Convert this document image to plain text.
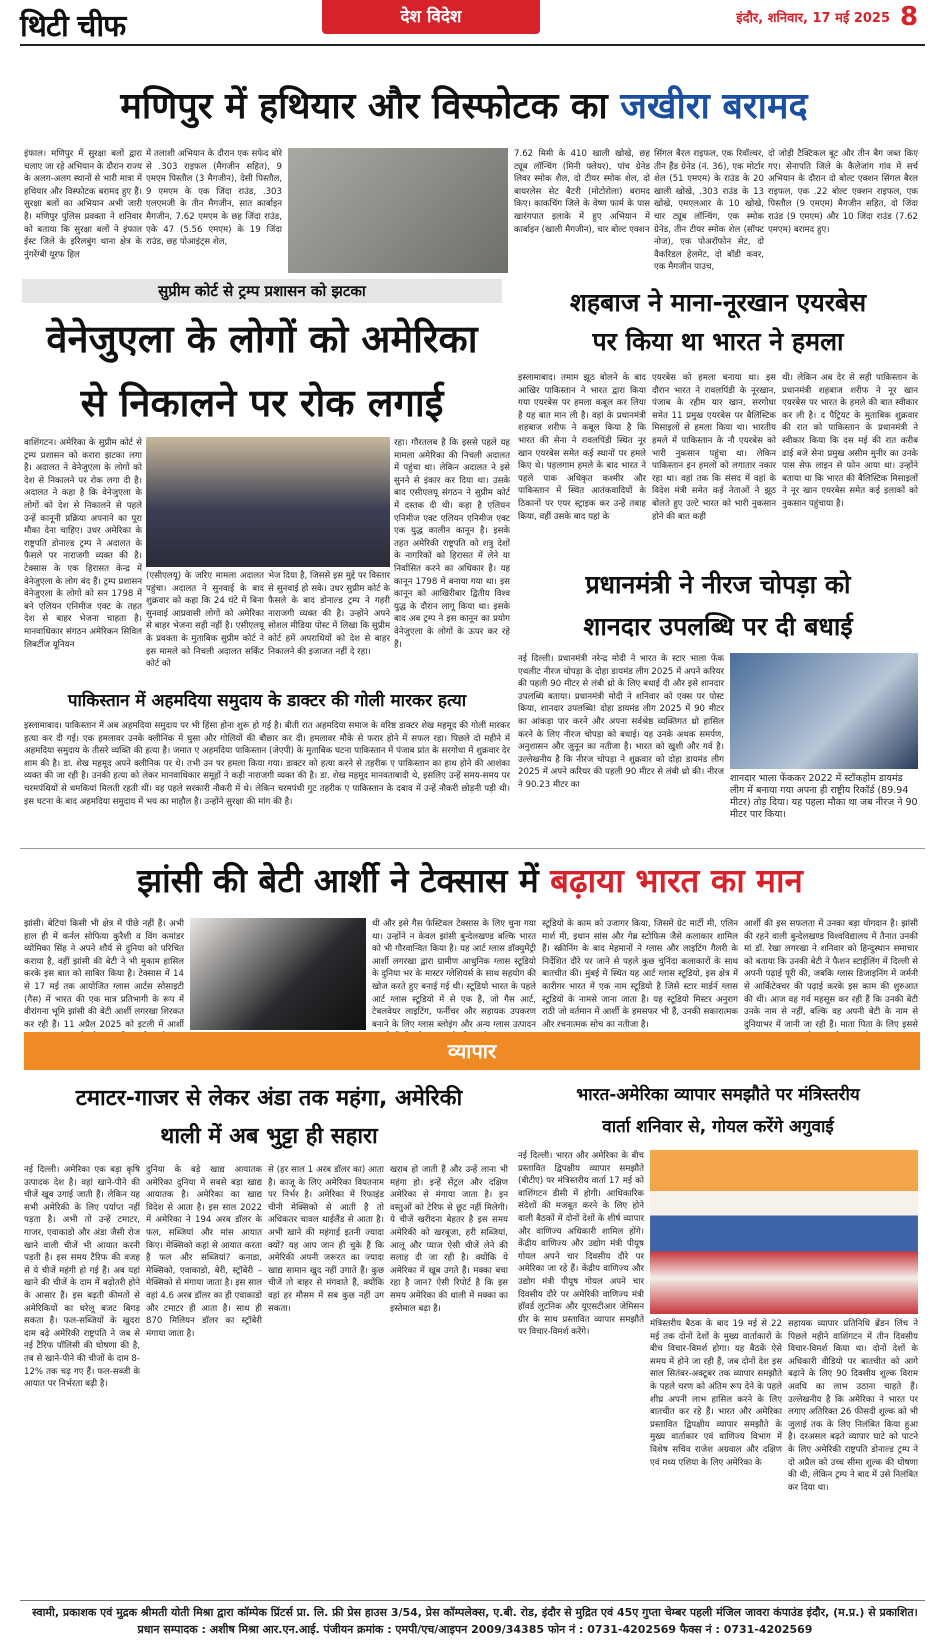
थिटी चीफ	देश विदेश	इंदौर, शनिवार, 17 मई 2025 8
मणिपुर में हथियार और विस्फोटक का जखीरा बरामद
इंफाल। मणिपुर में सुरक्षा बलों द्वारा चलाए जा रहे अभियान के दौरान राज्य के अलग-अलग स्थानों से भारी मात्रा में हथियार और विस्फोटक बरामद हुए हैं। सुरक्षा बलों का अभियान अभी जारी है। मणिपुर पुलिस प्रवक्ता ने शनिवार को बताया कि सुरक्षा बलों ने इंफाल ईस्ट जिले के इरिलबुंग थाना क्षेत्र के नुंगरेंग्बी यूरफ हिल
में तलाशी अभियान के दौरान एक सफेद बोरे से .303 राइफल (मैगजीन सहित), 9 एमएम पिस्तौल (3 मैगजीन), देसी पिस्तौल, 9 एमएम के एक जिंदा राउंड, .303 एलएमजी के तीन मैगजीन, सात कार्बाइन मैगजीन, 7.62 एमएम के छह जिंदा राउंड, एके 47 (5.56 एमएम) के 19 जिंदा राउंड, छह पोआइंट्स शेल,
7.62 मिमी के 410 खाली खोखे, छह ट्यूब लॉन्चिंग (मिनी फ्लेयर), पांच ग्रेनेड लिवर स्मोक शैल, दो टीयर स्मोक शेल, दो बायरलेस सेट बैटरी (मोटोरोला) बरामद किए। काकचिंग जिले के वेष्ण फार्म के पास खारंगपात इलाके में हुए अभियान में कार्बाइन (खाली मैगजीन), चार बोल्ट एक्शन
सिंगल बैरल राइफल, एक रिवॉल्वर, तीन हैंड ग्रेनेड (नं. 36), एक मोर्टार शेल (51 एमएम) के राउंड के 20 खाली खोखे, .303 राउंड के 13 खोखे, एमएलआर के 10 खोखे, चार ट्यूब लॉन्चिंग, एक स्मोक ग्रेनेड, तीन टीयर स्मोक शेल (सॉफ्ट नोज), एक पोअरॉफोन सेट, दो वैकरिडल हेलमेट, दो बॉडी कवर, एक मैगजीन पाउच,
दो जोड़ी टैक्टिकल बूट और तीन बैग जब्त किए गए। सेनापति जिले के कैलेजांग गांव में सर्च अभियान के दौरान दो बोल्ट एक्शन सिंगल बैरल राइफल, एक .22 बोल्ट एक्शन राइफल, एक पिस्तौल (9 एमएम) मैगजीन सहित, दो जिंदा राउंड (9 एमएम) और 10 जिंदा राउंड (7.62 एमएम) बरामद हुए।
सुप्रीम कोर्ट से ट्रम्प प्रशासन को झटका
वेनेजुएला के लोगों को अमेरिका
से निकालने पर रोक लगाई
वाशिंगटन। अमेरिका के सुप्रीम कोर्ट से ट्रम्प प्रशासन को करारा झटका लगा है। अदालत ने वेनेजुएला के लोगों को देश से निकालने पर रोक लगा दी है। अदालत ने कहा है कि वेनेजुएला के लोगों को देश से निकालने से पहले उन्हें कानूनी प्रक्रिया अपनाने का पूरा मौका देना चाहिए। उधर अमेरिका के राष्ट्रपति डोनाल्ड ट्रम्प ने अदालत के फैसले पर नाराजगी व्यक्त की है। टेक्सास के एक हिरासत केन्द्र में वेनेजुएला के लोग बंद हैं। ट्रम्प प्रशासन वेनेजुएला के लोगों को सन 1798 में बने एलियन एनिमीज एक्ट के तहत देश से बाहर भेजना चाहता है। मानवाधिकार संगठन अमेरिकन सिविल लिबर्टीज यूनियन
(एसीएलयू) के जरिए मामला अदालत पहुंचा। अदालत ने सुनवाई के बाद शुक्रवार को कहा कि 24 घंटे में बिना सुनवाई आप्रवासी लोगों को अमेरिका से बाहर भेजना सही नहीं है। एसीएलयू के प्रवक्ता के मुताबिक सुप्रीम कोर्ट ने इस मामले को निचली अदालत सर्किट कोर्ट को
भेज दिया है, जिससे इस मुद्दे पर विस्तार से सुनवाई हो सके। उधर सुप्रीम कोर्ट के फैसले के बाद डोनाल्ड ट्रम्प ने गहरी नाराजगी व्यक्त की है। उन्होंने अपने सोशल मीडिया पोस्ट में लिखा कि सुप्रीम कोर्ट हमें अपराधियों को देश से बाहर निकालने की इजाजत नहीं दे रहा।
रहा। गौरतलब है कि इससे पहले यह मामला अमेरिका की निचली अदालत में पहुंचा था। लेकिन अदालत ने इसे सुनने से इंकार कर दिया था। उसके बाद एसीएलयू संगठन ने सुप्रीम कोर्ट में दस्तक दी थी। कहा है एलियन एनिमीज एक्ट एलियन एनिमीज एक्ट एक युद्ध कालीन कानून है। इसके तहत अमेरिकी राष्ट्रपति को शत्रु देशों के नागरिकों को हिरासत में लेने या निर्वासित करने का अधिकार है। यह कानून 1798 में बनाया गया था। इस कानून को आखिरीबार द्वितीय विश्व युद्ध के दौरान लागू किया था। इसके बाद अब ट्रम्प ने इस कानून का प्रयोग वेनेजुएला के लोगों के ऊपर कर रहे हैं।
शहबाज ने माना-नूरखान एयरबेस
पर किया था भारत ने हमला
इस्लामाबाद। तमाम झूठ बोलने के बाद आखिर पाकिस्तान ने भारत द्वारा किया गया एयरबेस पर हमला कबूल कर लिया है यह बात मान ली है। वहां के प्रधानमंत्री शहबाज शरीफ ने कबूल किया है कि भारत की सेना ने रावलपिंडी स्थित नूर खान एयरबेस समेत कई स्थानों पर हमले किए थे। पहलगाम हमले के बाद भारत ने पहले पाक अधिकृत कश्मीर और पाकिस्तान में स्थित आतंकवादियों के ठिकानों पर एयर स्ट्राइक कर उन्हें तबाह किया, वहीं उसके बाद यहां के
एयरबेस को हमला बनाया था। इस दौरान भारत ने रावलपिंडी के नूरखान, पंजाब के रहीम यार खान, सरगोधा समेत 11 प्रमुख एयरबेस पर बैलिस्टिक मिसाइलों से हमला किया था। भारतीय हमले में पाकिस्तान के नौ एयरबेस को भारी नुकसान पहुंचा था। लेकिन पाकिस्तान इन हमलों को लगातार नकार रहा था। वहां तक कि संसद में वहां के विदेश मंत्री समेत कई नेताओं ने झूठ बोलते हुए उल्टे भारत को भारी नुकसान होने की बात कही
थी। लेकिन अब देर से सही पाकिस्तान के प्रधानमंत्री शहबाज शरीफ ने नूर खान एयरबेस पर भारत के हमले की बात स्वीकार कर ली है। द पैट्रियट के मुताबिक शुक्रवार की रात को पाकिस्तान के प्रधानमंत्री ने स्वीकार किया कि दस मई की रात करीब ढाई बजे सेना प्रमुख असीम मुनीर का उनके पास सेफ लाइन से फोन आया था। उन्होंने बताया था कि भारत की बैलिस्टिक मिसाइलों ने नूर खान एयरबेस समेत कई इलाकों को नुकसान पहुंचाया है।
प्रधानमंत्री ने नीरज चोपड़ा को
शानदार उपलब्धि पर दी बधाई
नई दिल्ली। प्रधानमंत्री नरेन्द्र मोदी ने भारत के स्टार भाला फेंक एथलीट नीरज चोपड़ा के दोहा डायमंड लीग 2025 में अपने करियर की पहली 90 मीटर से लंबी थ्रो के लिए बधाई दी और इसे शानदार उपलब्धि बताया। प्रधानमंत्री मोदी ने शनिवार को एक्स पर पोस्ट किया, शानदार उपलब्धि! दोहा डायमंड लीग 2025 में 90 मीटर का आंकड़ा पार करने और अपना सर्वश्रेष्ठ व्यक्तिगत थ्रो हासिल करने के लिए नीरज चोपड़ा को बधाई। यह उनके अथक समर्पण, अनुशासन और जुनून का नतीजा है। भारत को खुशी और गर्व है। उल्लेखनीय है कि नीरज चोपड़ा ने शुक्रवार को दोहा डायमंड लीग 2025 में अपने करियर की पहली 90 मीटर से लंबी थ्रो की। नीरज ने 90.23 मीटर का
शानदार भाला फेंककर 2022 में स्टॉकहोम डायमंड लीग में बनाया गया अपना ही राष्ट्रीय रिकॉर्ड (89.94 मीटर) तोड़ दिया। यह पहला मौका था जब नीरज ने 90 मीटर पार किया।
पाकिस्तान में अहमदिया समुदाय के डाक्टर की गोली मारकर हत्या
इस्लामाबाद। पाकिस्तान में अब अहमदिया समुदाय पर भी हिंसा होना शुरू हो गई है। बीती रात अहमदिया समाज के वरिष्ठ डाक्टर शेख महमूद की गोली मारकर हत्या कर दी गई। एक हमलावर उनके क्लीनिक में घुसा और गोलियों की बौछार कर दी। हमलावर मौके से फरार होने में सफल रहा। पिछले दो महीने में अहमदिया समुदाय के तीसरे व्यक्ति की हत्या है। जमात ए अहमदिया पाकिस्तान (जेएपी) के मुताबिक घटना पाकिस्तान में पंजाब प्रांत के सरगोधा में शुक्रवार देर शाम की है। डा. शेख महमूद अपने क्लीनिक पर थे। तभी उन पर हमला किया गया। डाक्टर को हत्या करने से तहरीक ए पाकिस्तान का हाथ होने की आशंका व्यक्त की जा रही है। उनकी हत्या को लेकर मानवाधिकार समूहों ने कड़ी नाराजगी व्यक्त की है। डा. शेख महमूद मानवताबादी थे, इसलिए उन्हें समय-समय पर चरमपंथियों से धमकियां मिलती रहती थीं। वह पहले सरकारी नौकरी में थे। लेकिन चरमपंथी गुट तहरीक ए पाकिस्तान के दबाव में उन्हें नौकरी छोड़नी पड़ी थी। इस घटना के बाद अहमदिया समुदाय में भय का माहौल है। उन्होंने सुरक्षा की मांग की है।
झांसी की बेटी आर्शी ने टेक्सास में बढ़ाया भारत का मान
झांसी। बेटियां किसी भी क्षेत्र में पीछे नहीं हैं। अभी हाल ही में कर्नल सोफिया कुरैशी व विंग कमांडर व्योमिका सिंह ने अपने शौर्य से दुनिया को परिचित कराया है, वहीं झांसी की बेटी ने भी मुकाम हासिल करके इस बात को साबित किया है। टेक्सास में 14 से 17 मई तक आयोजित ग्लास आर्टस सोसाइटी (गैस) में भारत की एक मात्र प्रतिभागी के रूप में वीरांगना भूमि झांसी की बेटी आर्शी लगरखा शिरकत कर रही हैं। 11 अप्रैल 2025 को इटली में आर्शी
थी और इसे गैस फेस्टिवल टेक्सास के लिए चुना गया था। उन्होंने न केवल झांसी बुन्देलखण्ड बल्कि भारत को भी गौरवान्वित किया है। यह आर्ट ग्लास डॉक्युमेंट्री आर्शी लगरखा द्वारा ग्रामीण आधुनिक ग्लास स्टूडियो के दुनिया भर के मास्टर ग्लेशियर्स के साथ सहयोग की खोज करते हुए बनाई गई थी। स्टूडियो भारत के पहले आर्ट ग्लास स्टूडियो में से एक है, जो गैस आर्ट, टेबलवेयर लाइटिंग, फर्नीचर और सहायक उपकरण बनाने के लिए ग्लास ब्लोइंग और अन्य ग्लास उत्पादन
स्टूडियो के काम को उजागर किया, जिसमें ग्रेट मार्टी मी, एलिन मार्श मी, इथान सांस और गेब्र स्टोफिस जैसे कलाकार शामिल हैं। स्क्रीनिंग के बाद मेहमानों ने ग्लास और लाइटिंग गैलरी के निर्देशित दौरे पर जाने से पहले कुछ चुनिंदा कलाकारों के साथ बातचीत की। मुंबई में स्थित यह आर्ट ग्लास स्टूडियो, इस क्षेत्र में कारीगर भारत में एक नाम स्टूडियो है जिसे स्टार मार्डर्न ग्लास स्टूडियो के नामसे जाना जाता है। यह स्टूडियो मिस्टर अनुराग राठी जो वर्तमान में आर्शी के हमसफर भी हैं, उनकी सकारात्मक और रचनात्मक सोच का नतीजा है।
आर्शी की इस सफलता में उनका बड़ा योगदान है। झांसी की रहने वाली बुन्देलखण्ड विश्वविद्यालय में तैनात उनकी मां डॉ. रेखा लगरखा ने शनिवार को हिन्दुस्थान समाचार को बताया कि उनकी बेटी ने फैशन स्टाईलिंग में दिल्ली से अपनी पढ़ाई पूरी की, जबकि ग्लास डिजाइनिंग में जर्मनी से आर्किटेक्चर की पढ़ाई करके इस काम की शुरुआत की थी। आज वह गर्व महसूस कर रही हैं कि उनकी बेटी उनके नाम से नहीं, बल्कि वह अपनी बेटी के नाम से दुनियाभर में जानी जा रही हैं। माता पिता के लिए इससे
व्यापार
टमाटर-गाजर से लेकर अंडा तक महंगा, अमेरिकी
थाली में अब भुट्टा ही सहारा
नई दिल्ली। अमेरिका एक बड़ा कृषि उत्पादक देश है। वहां खाने-पीने की चीजें खूब उगाई जाती हैं। लेकिन यह सभी अमेरिकी के लिए पर्याप्त नहीं पड़ता है। अभी तो उन्हें टमाटर, गाजर, एवाकाडो और अंडा जैसी रोज खाने वाली चीजें भी आयात करनी पड़ती है। इस समय टैरिफ की वजह से ये चीजें महंगी हो गई हैं। अब यहां खाने की चीजें के दाम में बढ़ोतरी होने के आसार हैं। इस बढ़ती कीमतों से अमेरिकियों का घरेलू बजट बिगड़ सकता है। फल-सब्जियों के खुदरा दाम बढ़े अमेरिकी राष्ट्रपति ने जब से नई टैरिफ पॉलिसी की घोषणा की है, तब से खाने-पीने की चीजों के दाम 8-12% तक चढ़ गए हैं। फल-सब्जी के आयात पर निर्भरता बढ़ी है।
दुनिया के बड़े खाद्य आयातक अमेरिका दुनिया में सबसे बड़ा खाद्य आयातक है। अमेरिका का खाद्य विदेश से आता है। इस साल 2022 में अमेरिका ने 194 अरब डॉलर के फल, सब्जियां और मांस आयात किए। मेक्सिको कहां से आयात करता है फल और सब्जियां? कनाडा, मेक्सिको, एवाकाडो, बेरी, स्ट्रॉबेरी – मेक्सिको से मंगाया जाता है। इस साल वहां 4.6 अरब डॉलर का ही एवाकाडो और टमाटर ही आता है। साथ ही 870 मिलियन डॉलर का स्ट्रॉबेरी मंगाया जाता है।
से (हर साल 1 अरब डॉलर का) आता है। काजू के लिए अमेरिका वियतनाम पर निर्भर है। अमेरिका में रिफाइंड चीनी मेक्सिको से आती है तो अधिकतर चावल थाईलैंड से आता है। अभी खाने की महंगाई इतनी ज्यादा क्यों? यह आप जान ही चुके हैं कि अमेरिकी अपनी जरूरत का ज्यादा खाद्य सामान खुद नहीं उगाते हैं। कुछ चीजें तो बाहर से मंगवाते हैं, क्योंकि वहां हर मौसम में सब कुछ नहीं उग सकता।
खराब हो जाती हैं और उन्हें लाना भी महंगा हो। इन्हें सेंट्रल और दक्षिण अमेरिका से मंगाया जाता है। इन वस्तुओं को टेरिफ से छूट नहीं मिलेगी। ये चीजें खरीदना बेहतर है इस समय अमेरिकी को खरबूजा, हरी सब्जियां, आलू और प्याज ऐसी चीजें लेने की सलाह दी जा रही है। क्योंकि ये अमेरिका में खूब उगते हैं। मक्का बचा रहा है जान? ऐसी रिपोर्ट है कि इस समय अमेरिका की थाली में मक्का का इस्तेमाल बढ़ा है।
भारत-अमेरिका व्यापार समझौते पर मंत्रिस्तरीय
वार्ता शनिवार से, गोयल करेंगे अगुवाई
नई दिल्ली। भारत और अमेरिका के बीच प्रस्तावित द्विपक्षीय व्यापार समझौते (बीटीए) पर मंत्रिस्तरीय वार्ता 17 मई को वाशिंगटन डीसी में होगी। आधिकारिक संदेशों की मजबूत करने के लिए होने वाली बैठकों में दोनों देशों के शीर्ष व्यापार और वाणिज्य अधिकारी शामिल होंगे। केंद्रीय वाणिज्य और उद्योग मंत्री पीयूष गोयल अपने चार दिवसीय दौरे पर अमेरिका जा रहे हैं। केंद्रीय वाणिज्य और उद्योग मंत्री पीयूष गोयल अपने चार दिवसीय दौरे पर अमेरिकी वाणिज्य मंत्री हॉवर्ड लुटनिक और यूएसटीआर जेमिसन ग्रीर के साथ प्रस्तावित व्यापार समझौते पर विचार-विमर्श करेंगे।
मंत्रिस्तरीय बैठक के बाद 19 मई से 22 मई तक दोनों देशों के मुख्य वार्ताकारों के बीच विचार-विमर्श होगा। यह बैठकें ऐसे समय में होने जा रही हैं, जब दोनों देश इस साल सितंबर-अक्टूबर तक व्यापार समझौते के पहले चरण को अंतिम रूप देने के पहले शीघ्र अपनी लाभ हासिल करने के लिए बातचीत कर रहे हैं। भारत और अमेरिका प्रस्तावित द्विपक्षीय व्यापार समझौते के मुख्य वार्ताकार एवं वाणिज्य विभाग में विशेष सचिव राजेश अग्रवाल और दक्षिण एवं मध्य एशिया के लिए अमेरिका के
सहायक व्यापार प्रतिनिधि ब्रेंडन लिंच ने पिछले महीने वाशिंगटन में तीन दिवसीय विचार-विमर्श किया था। दोनों देशों के अधिकारी वीडियो पर बातचीत को आगे बढ़ाने के लिए 90 दिवसीय शुल्क विराम अवधि का लाभ उठाना चाहते हैं। उल्लेखनीय है कि अमेरिका ने भारत पर लगाए अतिरिक्त 26 फीसदी शुल्क को भी जुलाई तक के लिए निलंबित किया हुआ है। दरअसल बढ़ते व्यापार घाटे को पाटने के लिए अमेरिकी राष्ट्रपति डोनाल्ड ट्रम्प ने दो अप्रैल को उच्च सीमा शुल्क की घोषणा की थी, लेकिन ट्रम्प ने बाद में उसे निलंबित कर दिया था।
स्वामी, प्रकाशक एवं मुद्रक श्रीमती योती मिश्रा द्वारा कॉम्पेक प्रिंटर्स प्रा. लि. फ्री प्रेस हाउस 3/54, प्रेस कॉम्पलेक्स, ए.बी. रोड, इंदौर से मुद्रित एवं 45ए गुप्ता चेम्बर पहली मंजिल जावरा कंपाउंड इंदौर, (म.प्र.) से प्रकाशित।
प्रधान सम्पादक : अशीष मिश्रा आर.एन.आई. पंजीयन क्रमांक : एमपी/एच/आइपन 2009/34385 फोन नं : 0731-4202569 फैक्स नं : 0731-4202569
